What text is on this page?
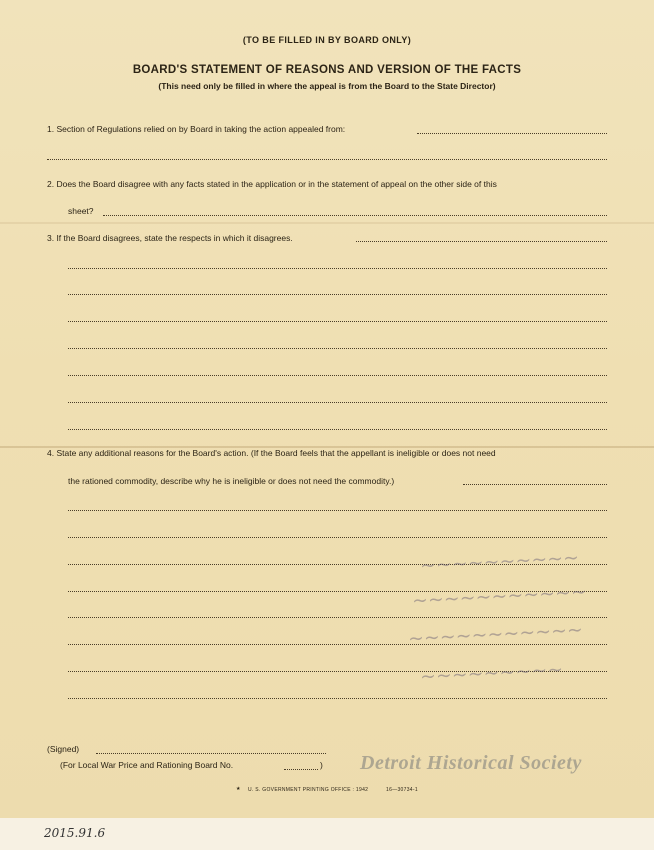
(TO BE FILLED IN BY BOARD ONLY)
BOARD'S STATEMENT OF REASONS AND VERSION OF THE FACTS
(This need only be filled in where the appeal is from the Board to the State Director)
1. Section of Regulations relied on by Board in taking the action appealed from:
2. Does the Board disagree with any facts stated in the application or in the statement of appeal on the other side of this
sheet?
3. If the Board disagrees, state the respects in which it disagrees.
4. State any additional reasons for the Board's action. (If the Board feels that the appellant is ineligible or does not need
the rationed commodity, describe why he is ineligible or does not need the commodity.)
~~~~~~~~~~
~~~~~~~~~~~
~~~~~~~~~~~
~~~~~~~~~
(Signed)
(For Local War Price and Rationing Board No.	) Detroit Historical Society
★ U. S. GOVERNMENT PRINTING OFFICE : 1942	16—30734-1
2015.91.6
